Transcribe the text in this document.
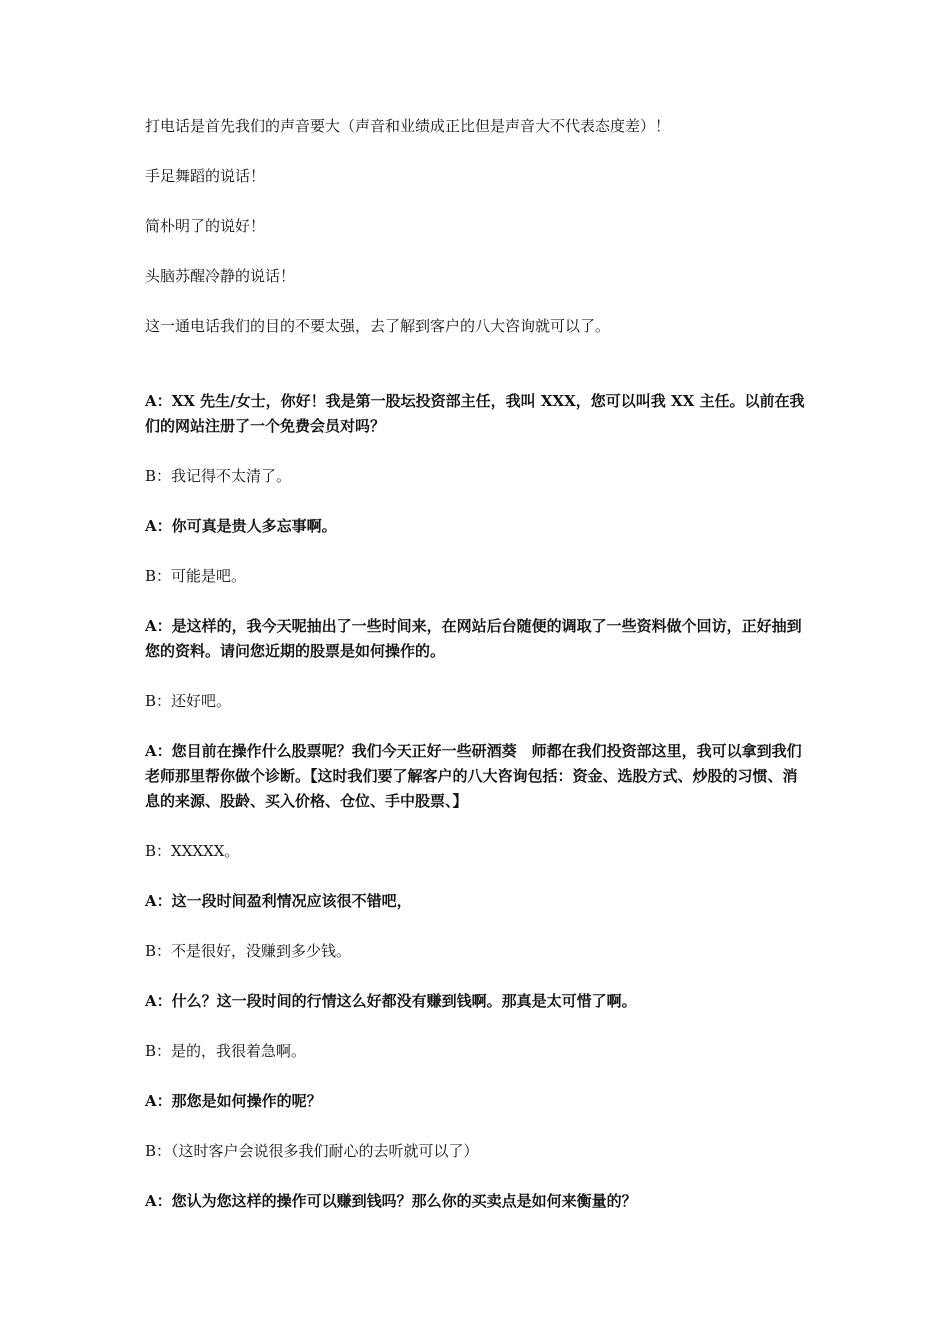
打电话是首先我们的声音要大（声音和业绩成正比但是声音大不代表态度差）！

手足舞蹈的说话！

简朴明了的说好！

头脑苏醒冷静的说话！

这一通电话我们的目的不要太强，去了解到客户的八大咨询就可以了。

A：XX 先生/女士，你好！我是第一股坛投资部主任，我叫 XXX，您可以叫我 XX 主任。以前在我们的网站注册了一个免费会员对吗？

B：我记得不太清了。

A：你可真是贵人多忘事啊。

B：可能是吧。

A：是这样的，我今天呢抽出了一些时间来，在网站后台随便的调取了一些资料做个回访，正好抽到您的资料。请问您近期的股票是如何操作的。

B：还好吧。

A：您目前在操作什么股票呢？我们今天正好一些研酒葵　师都在我们投资部这里，我可以拿到我们老师那里帮你做个诊断。【这时我们要了解客户的八大咨询包括：资金、选股方式、炒股的习惯、消息的来源、股龄、买入价格、仓位、手中股票、】

B：XXXXX。

A：这一段时间盈利情况应该很不错吧，

B：不是很好，没赚到多少钱。

A：什么？这一段时间的行情这么好都没有赚到钱啊。那真是太可惜了啊。

B：是的，我很着急啊。

A：那您是如何操作的呢？

B：（这时客户会说很多我们耐心的去听就可以了）

A：您认为您这样的操作可以赚到钱吗？那么你的买卖点是如何来衡量的？
